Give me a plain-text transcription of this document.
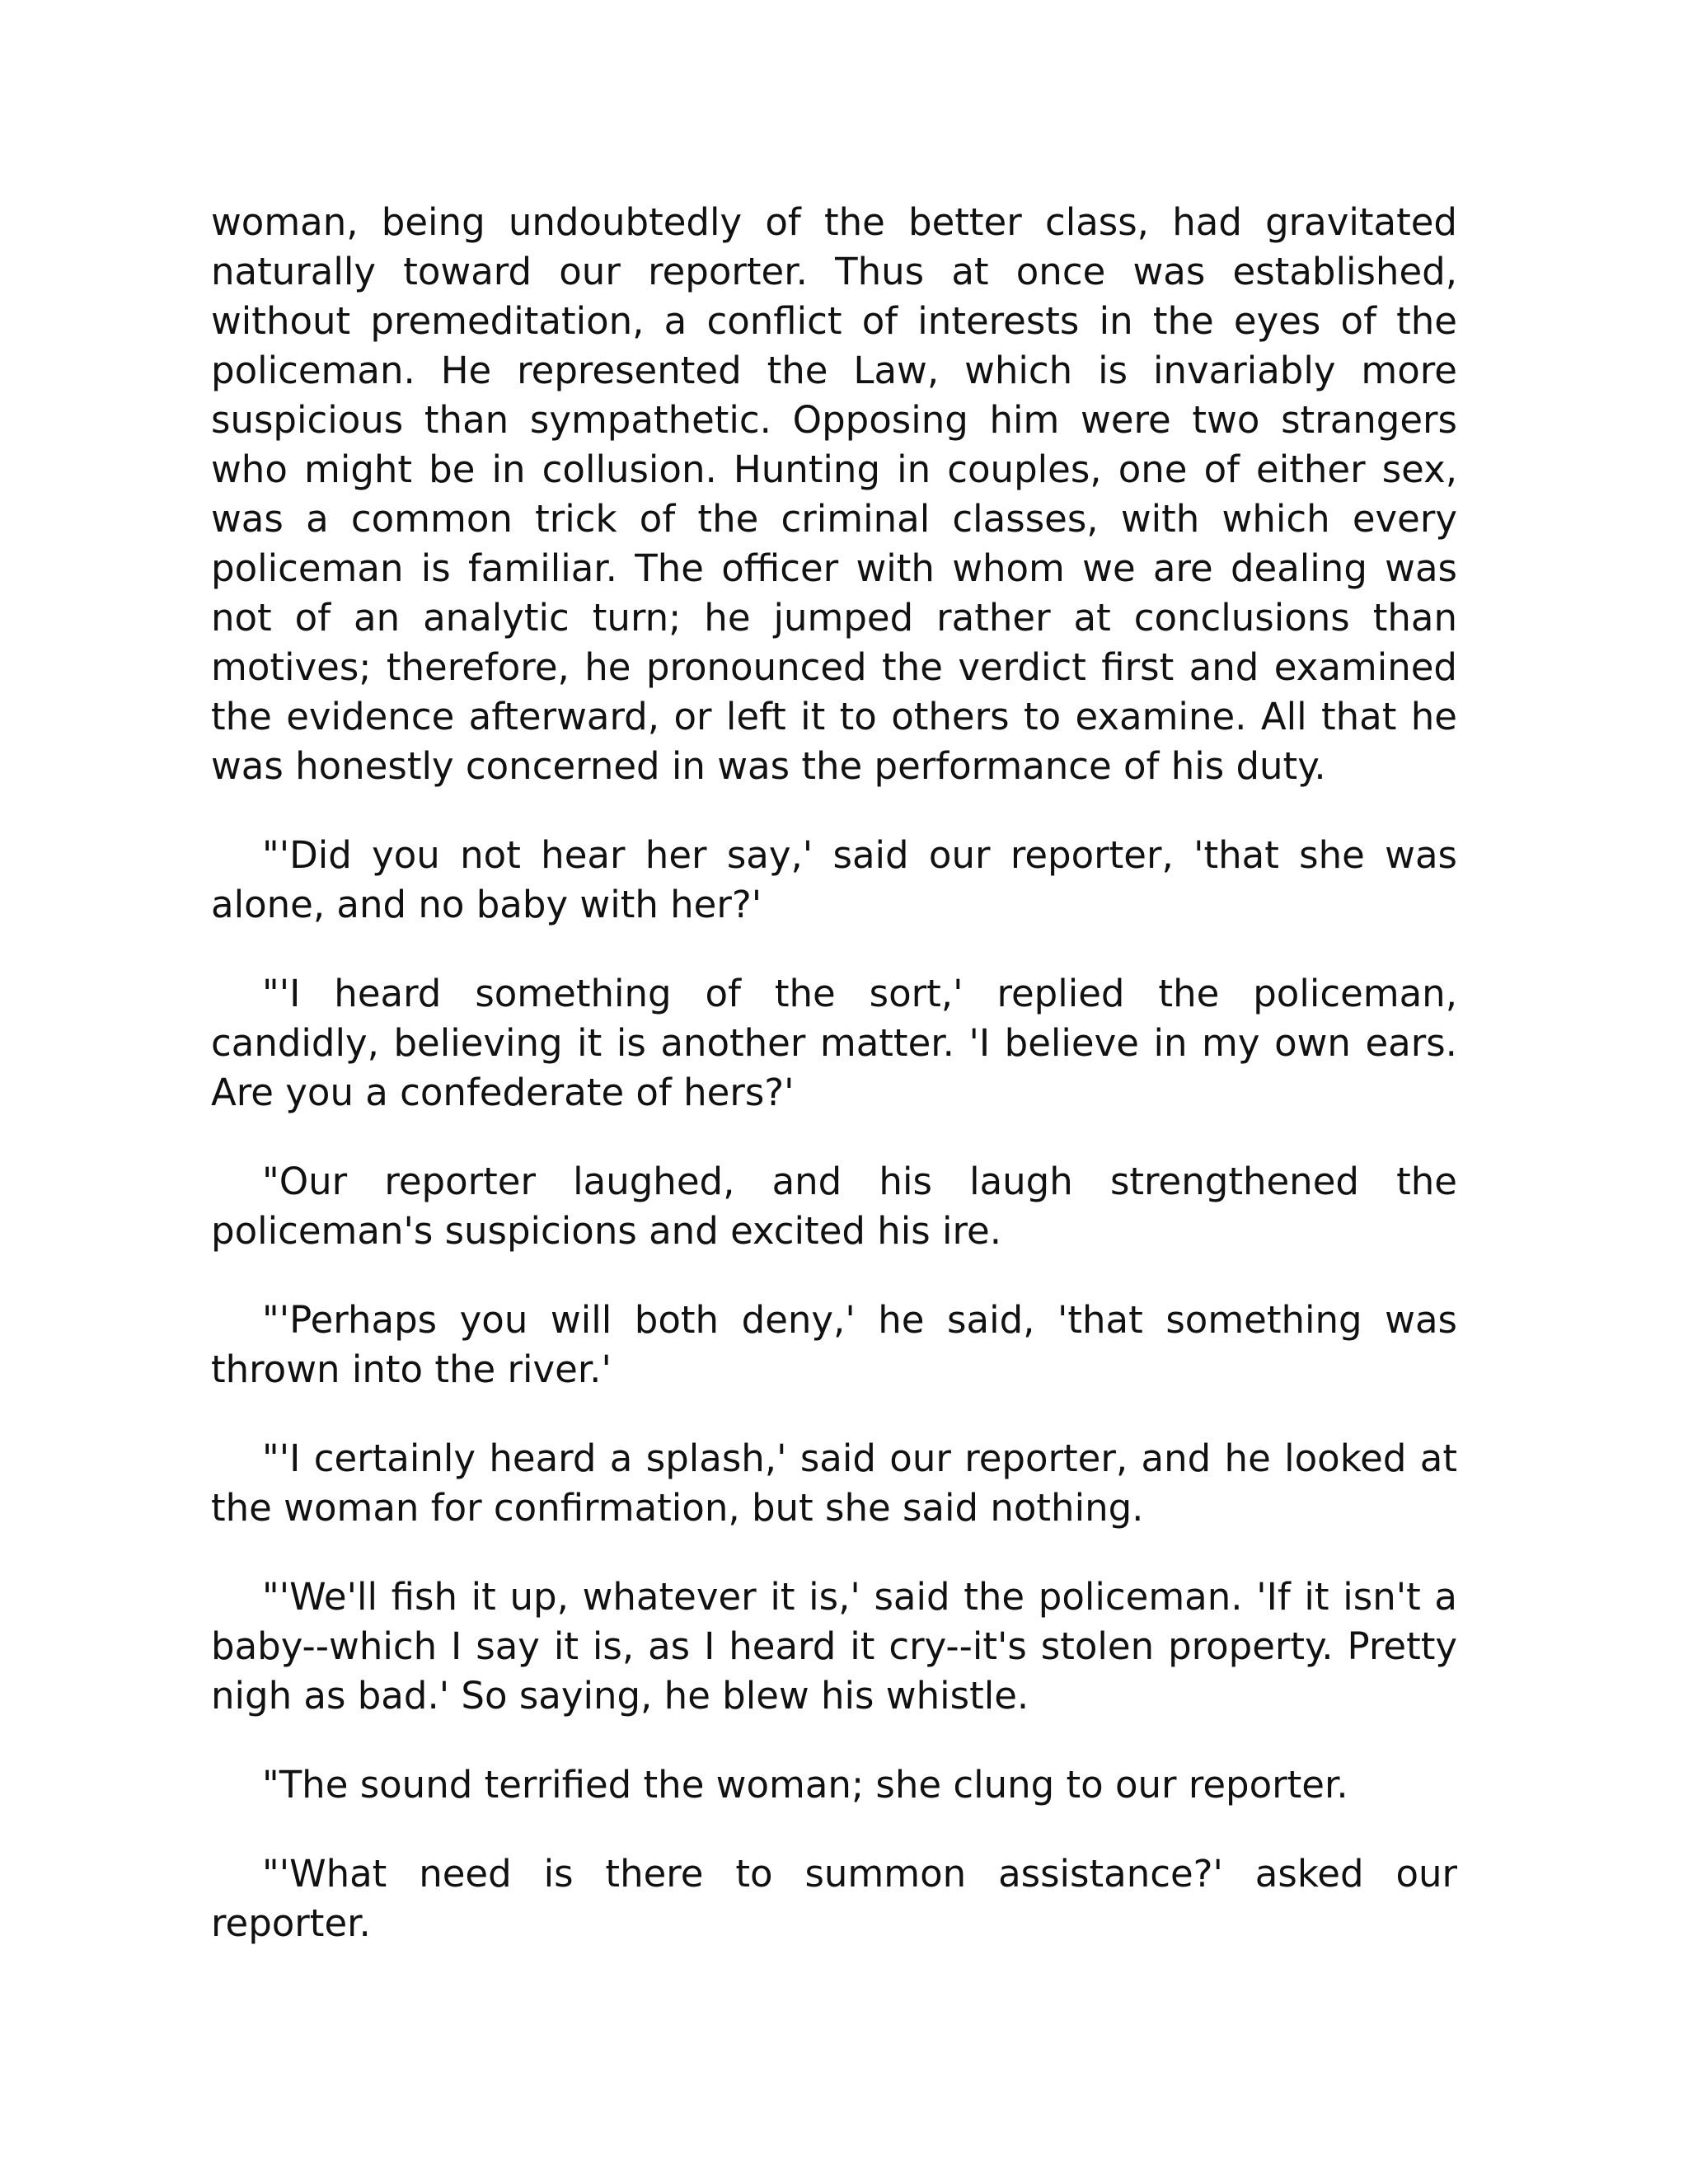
woman, being undoubtedly of the better class, had gravitated naturally toward our reporter. Thus at once was established, without premeditation, a conflict of interests in the eyes of the policeman. He represented the Law, which is invariably more suspicious than sympathetic. Opposing him were two strangers who might be in collusion. Hunting in couples, one of either sex, was a common trick of the criminal classes, with which every policeman is familiar. The officer with whom we are dealing was not of an analytic turn; he jumped rather at conclusions than motives; therefore, he pronounced the verdict first and examined the evidence afterward, or left it to others to examine. All that he was honestly concerned in was the performance of his duty.

"'Did you not hear her say,' said our reporter, 'that she was alone, and no baby with her?'

"'I heard something of the sort,' replied the policeman, candidly, believing it is another matter. 'I believe in my own ears. Are you a confederate of hers?'

"Our reporter laughed, and his laugh strengthened the policeman's suspicions and excited his ire.

"'Perhaps you will both deny,' he said, 'that something was thrown into the river.'

"'I certainly heard a splash,' said our reporter, and he looked at the woman for confirmation, but she said nothing.

"'We'll fish it up, whatever it is,' said the policeman. 'If it isn't a baby--which I say it is, as I heard it cry--it's stolen property. Pretty nigh as bad.' So saying, he blew his whistle.

"The sound terrified the woman; she clung to our reporter.

"'What need is there to summon assistance?' asked our reporter.
